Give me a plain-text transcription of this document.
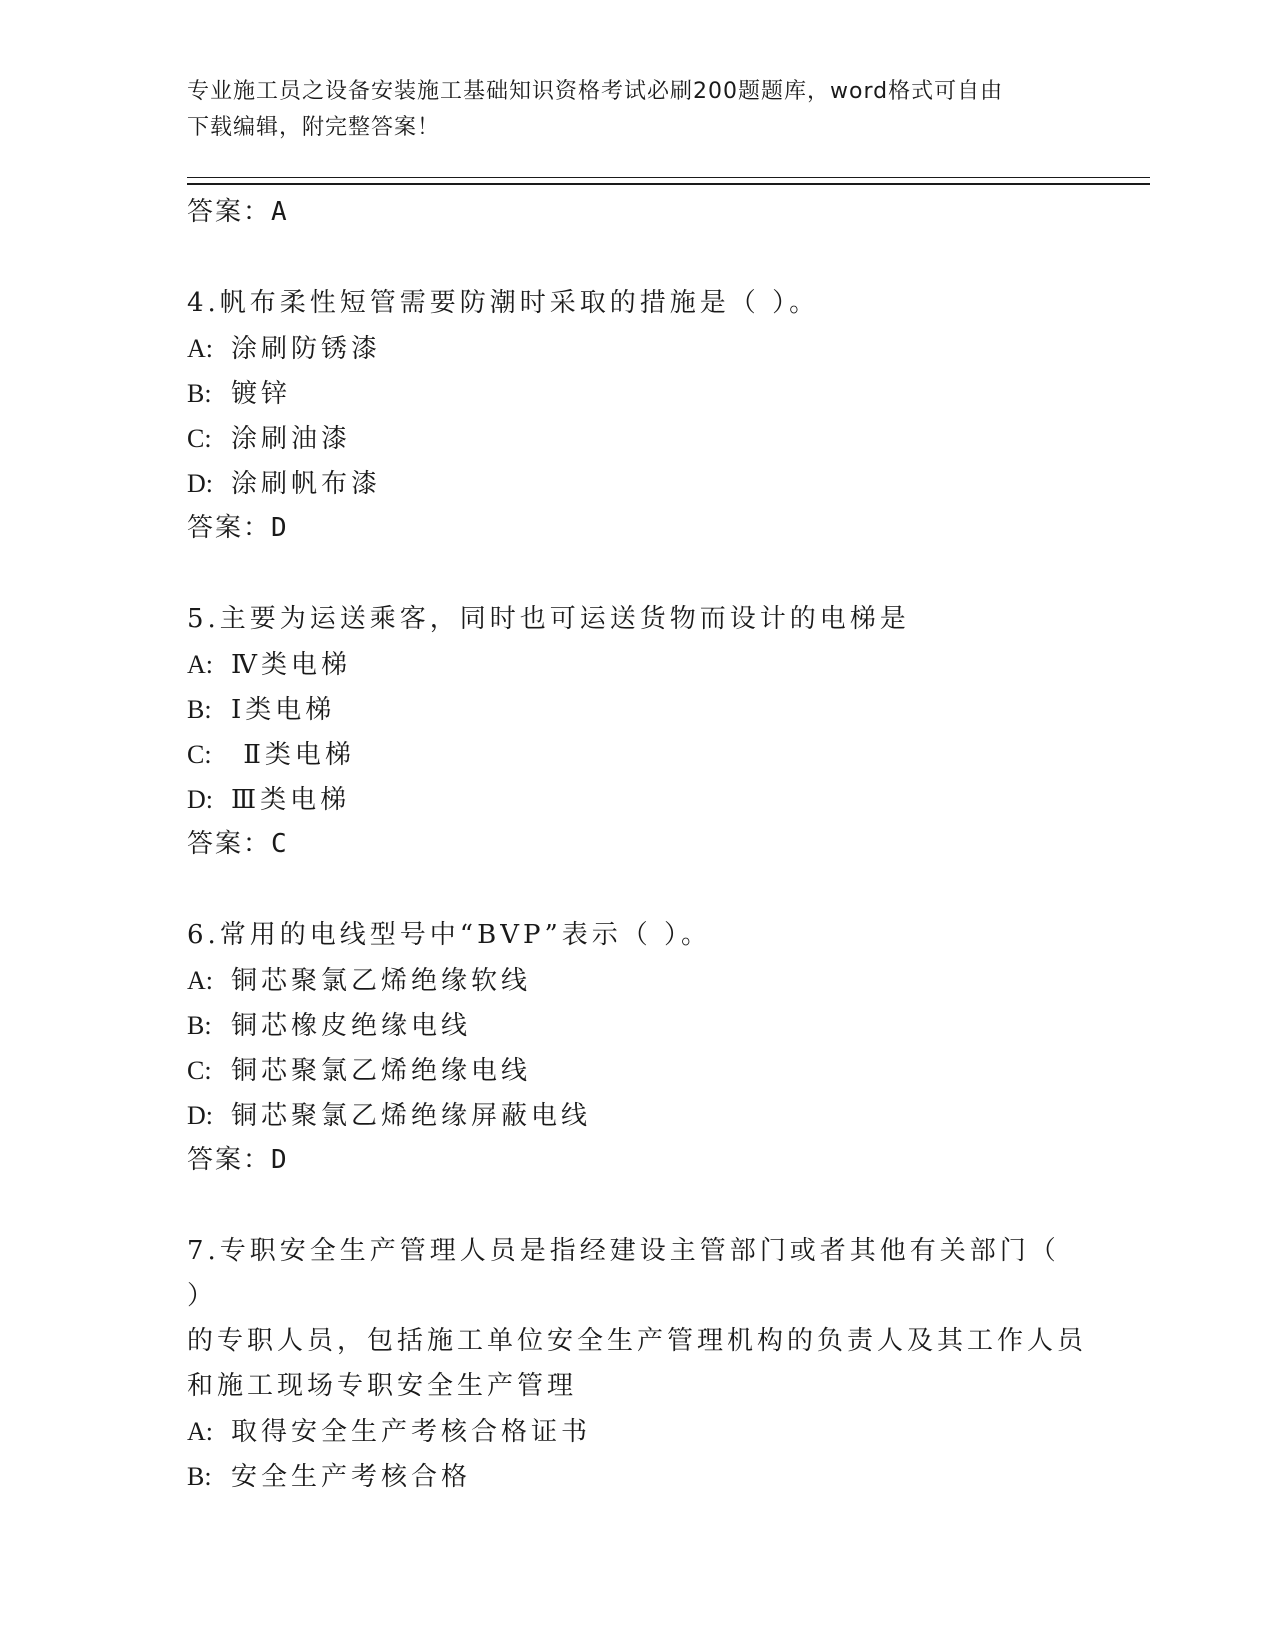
专业施工员之设备安装施工基础知识资格考试必刷200题题库，word格式可自由
下载编辑，附完整答案！
答案：A
4.帆布柔性短管需要防潮时采取的措施是（ ）。
A: 涂刷防锈漆
B: 镀锌
C: 涂刷油漆
D: 涂刷帆布漆
答案：D
5.主要为运送乘客，同时也可运送货物而设计的电梯是
A: Ⅳ类电梯
B: Ⅰ类电梯
C: Ⅱ类电梯
D: Ⅲ类电梯
答案：C
6.常用的电线型号中“BVP”表示（ ）。
A: 铜芯聚氯乙烯绝缘软线
B: 铜芯橡皮绝缘电线
C: 铜芯聚氯乙烯绝缘电线
D: 铜芯聚氯乙烯绝缘屏蔽电线
答案：D
7.专职安全生产管理人员是指经建设主管部门或者其他有关部门（ ）
的专职人员，包括施工单位安全生产管理机构的负责人及其工作人员
和施工现场专职安全生产管理
A: 取得安全生产考核合格证书
B: 安全生产考核合格
